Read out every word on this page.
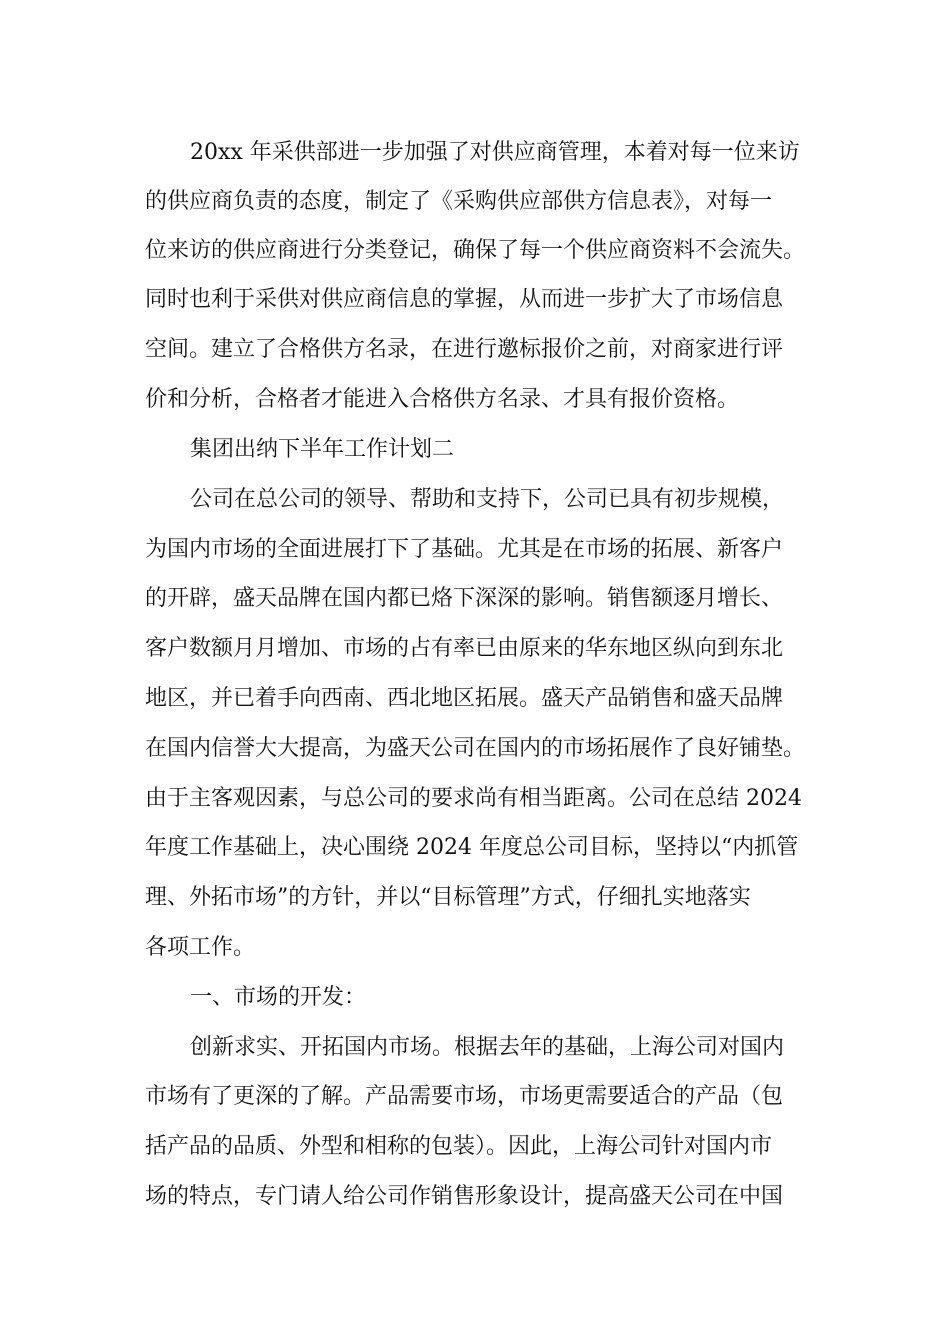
20xx 年采供部进一步加强了对供应商管理，本着对每一位来访
的供应商负责的态度，制定了《采购供应部供方信息表》，对每一
位来访的供应商进行分类登记，确保了每一个供应商资料不会流失。
同时也利于采供对供应商信息的掌握，从而进一步扩大了市场信息
空间。建立了合格供方名录，在进行邀标报价之前，对商家进行评
价和分析，合格者才能进入合格供方名录、才具有报价资格。
集团出纳下半年工作计划二
公司在总公司的领导、帮助和支持下，公司已具有初步规模，
为国内市场的全面进展打下了基础。尤其是在市场的拓展、新客户
的开辟，盛天品牌在国内都已烙下深深的影响。销售额逐月增长、
客户数额月月增加、市场的占有率已由原来的华东地区纵向到东北
地区，并已着手向西南、西北地区拓展。盛天产品销售和盛天品牌
在国内信誉大大提高，为盛天公司在国内的市场拓展作了良好铺垫。
由于主客观因素，与总公司的要求尚有相当距离。公司在总结 2024
年度工作基础上，决心围绕 2024 年度总公司目标，坚持以“内抓管
理、外拓市场”的方针，并以“目标管理”方式，仔细扎实地落实
各项工作。
一、市场的开发：
创新求实、开拓国内市场。根据去年的基础，上海公司对国内
市场有了更深的了解。产品需要市场，市场更需要适合的产品（包
括产品的品质、外型和相称的包装）。因此，上海公司针对国内市
场的特点，专门请人给公司作销售形象设计，提高盛天公司在中国
